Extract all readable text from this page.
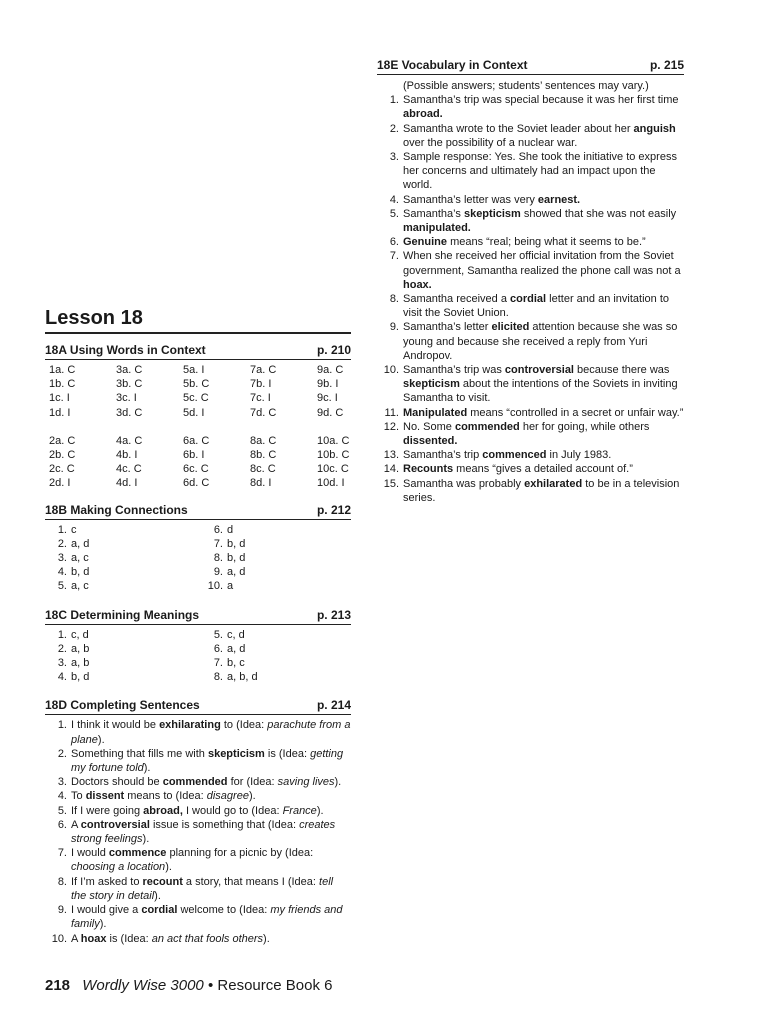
18E Vocabulary in Context	p. 215
(Possible answers; students’ sentences may vary.)
1. Samantha’s trip was special because it was her first time abroad.
2. Samantha wrote to the Soviet leader about her anguish over the possibility of a nuclear war.
3. Sample response: Yes. She took the initiative to express her concerns and ultimately had an impact upon the world.
4. Samantha’s letter was very earnest.
5. Samantha’s skepticism showed that she was not easily manipulated.
6. Genuine means “real; being what it seems to be.”
7. When she received her official invitation from the Soviet government, Samantha realized the phone call was not a hoax.
8. Samantha received a cordial letter and an invitation to visit the Soviet Union.
9. Samantha’s letter elicited attention because she was so young and because she received a reply from Yuri Andropov.
10. Samantha’s trip was controversial because there was skepticism about the intentions of the Soviets in inviting Samantha to visit.
11. Manipulated means “controlled in a secret or unfair way.”
12. No. Some commended her for going, while others dissented.
13. Samantha’s trip commenced in July 1983.
14. Recounts means “gives a detailed account of.”
15. Samantha was probably exhilarated to be in a television series.
Lesson 18
18A Using Words in Context	p. 210
1a. C	3a. C	5a. I	7a. C	9a. C
1b. C	3b. C	5b. C	7b. I	9b. I
1c. I	3c. I	5c. C	7c. I	9c. I
1d. I	3d. C	5d. I	7d. C	9d. C
2a. C	4a. C	6a. C	8a. C	10a. C
2b. C	4b. I	6b. I	8b. C	10b. C
2c. C	4c. C	6c. C	8c. C	10c. C
2d. I	4d. I	6d. C	8d. I	10d. I
18B Making Connections	p. 212
1. c	6. d
2. a, d	7. b, d
3. a, c	8. b, d
4. b, d	9. a, d
5. a, c	10. a
18C Determining Meanings	p. 213
1. c, d	5. c, d
2. a, b	6. a, d
3. a, b	7. b, c
4. b, d	8. a, b, d
18D Completing Sentences	p. 214
1. I think it would be exhilarating to (Idea: parachute from a plane).
2. Something that fills me with skepticism is (Idea: getting my fortune told).
3. Doctors should be commended for (Idea: saving lives).
4. To dissent means to (Idea: disagree).
5. If I were going abroad, I would go to (Idea: France).
6. A controversial issue is something that (Idea: creates strong feelings).
7. I would commence planning for a picnic by (Idea: choosing a location).
8. If I’m asked to recount a story, that means I (Idea: tell the story in detail).
9. I would give a cordial welcome to (Idea: my friends and family).
10. A hoax is (Idea: an act that fools others).
218 Wordly Wise 3000 • Resource Book 6
